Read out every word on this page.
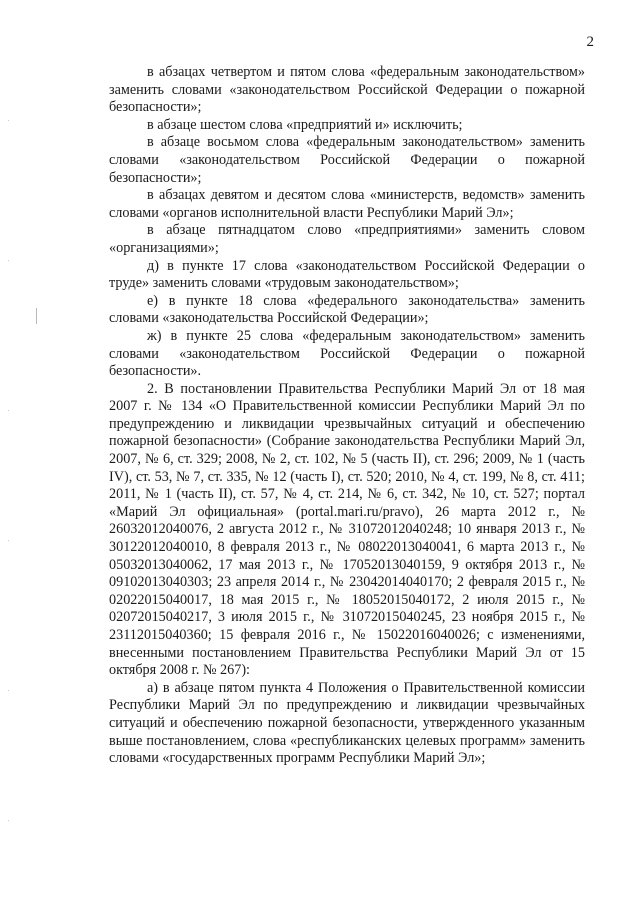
2

в абзацах четвертом и пятом слова «федеральным законодательством» заменить словами «законодательством Российской Федерации о пожарной безопасности»;

в абзаце шестом слова «предприятий и» исключить;

в абзаце восьмом слова «федеральным законодательством» заменить словами «законодательством Российской Федерации о пожарной безопасности»;

в абзацах девятом и десятом слова «министерств, ведомств» заменить словами «органов исполнительной власти Республики Марий Эл»;

в абзаце пятнадцатом слово «предприятиями» заменить словом «организациями»;

д) в пункте 17 слова «законодательством Российской Федерации о труде» заменить словами «трудовым законодательством»;

е) в пункте 18 слова «федерального законодательства» заменить словами «законодательства Российской Федерации»;

ж) в пункте 25 слова «федеральным законодательством» заменить словами «законодательством Российской Федерации о пожарной безопасности».

2. В постановлении Правительства Республики Марий Эл от 18 мая 2007 г. № 134 «О Правительственной комиссии Республики Марий Эл по предупреждению и ликвидации чрезвычайных ситуаций и обеспечению пожарной безопасности» (Собрание законодательства Республики Марий Эл, 2007, № 6, ст. 329; 2008, № 2, ст. 102, № 5 (часть II), ст. 296; 2009, № 1 (часть IV), ст. 53, № 7, ст. 335, № 12 (часть I), ст. 520; 2010, № 4, ст. 199, № 8, ст. 411; 2011, № 1 (часть II), ст. 57, № 4, ст. 214, № 6, ст. 342, № 10, ст. 527; портал «Марий Эл официальная» (portal.mari.ru/pravo), 26 марта 2012 г., № 26032012040076, 2 августа 2012 г., № 31072012040248; 10 января 2013 г., № 30122012040010, 8 февраля 2013 г., № 08022013040041, 6 марта 2013 г., № 05032013040062, 17 мая 2013 г., № 17052013040159, 9 октября 2013 г., № 09102013040303; 23 апреля 2014 г., № 23042014040170; 2 февраля 2015 г., № 02022015040017, 18 мая 2015 г., № 18052015040172, 2 июля 2015 г., № 02072015040217, 3 июля 2015 г., № 31072015040245, 23 ноября 2015 г., № 23112015040360; 15 февраля 2016 г., № 15022016040026; с изменениями, внесенными постановлением Правительства Республики Марий Эл от 15 октября 2008 г. № 267):

а) в абзаце пятом пункта 4 Положения о Правительственной комиссии Республики Марий Эл по предупреждению и ликвидации чрезвычайных ситуаций и обеспечению пожарной безопасности, утвержденного указанным выше постановлением, слова «республиканских целевых программ» заменить словами «государственных программ Республики Марий Эл»;
